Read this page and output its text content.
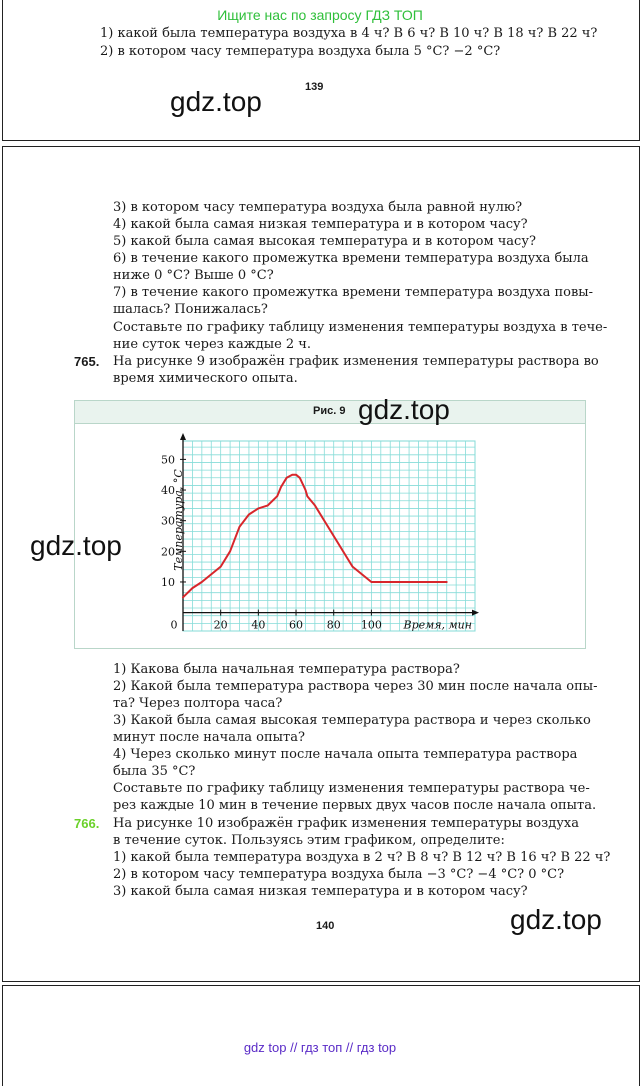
Ищите нас по запросу ГДЗ ТОП
1) какой была температура воздуха в 4 ч? В 6 ч? В 10 ч? В 18 ч? В 22 ч?
2) в котором часу температура воздуха была 5 °С? −2 °С?
139
gdz.top
3) в котором часу температура воздуха была равной нулю?
4) какой была самая низкая температура и в котором часу?
5) какой была самая высокая температура и в котором часу?
6) в течение какого промежутка времени температура воздуха была
ниже 0 °С? Выше 0 °С?
7) в течение какого промежутка времени температура воздуха повы-
шалась? Понижалась?
Составьте по графику таблицу изменения температуры воздуха в тече-
ние суток через каждые 2 ч.
765. На рисунке 9 изображён график изменения температуры раствора во
время химического опыта.
Рис. 9
20 40 60 80 100
10
20
30
40
50
0	Время, мин
Температура, °С
gdz.top
gdz.top
1) Какова была начальная температура раствора?
2) Какой была температура раствора через 30 мин после начала опы-
та? Через полтора часа?
3) Какой была самая высокая температура раствора и через сколько
минут после начала опыта?
4) Через сколько минут после начала опыта температура раствора
была 35 °С?
Составьте по графику таблицу изменения температуры раствора че-
рез каждые 10 мин в течение первых двух часов после начала опыта.
766. На рисунке 10 изображён график изменения температуры воздуха
в течение суток. Пользуясь этим графиком, определите:
1) какой была температура воздуха в 2 ч? В 8 ч? В 12 ч? В 16 ч? В 22 ч?
2) в котором часу температура воздуха была −3 °С? −4 °С? 0 °С?
3) какой была самая низкая температура и в котором часу?
140	gdz.top
gdz top // гдз топ // гдз top
